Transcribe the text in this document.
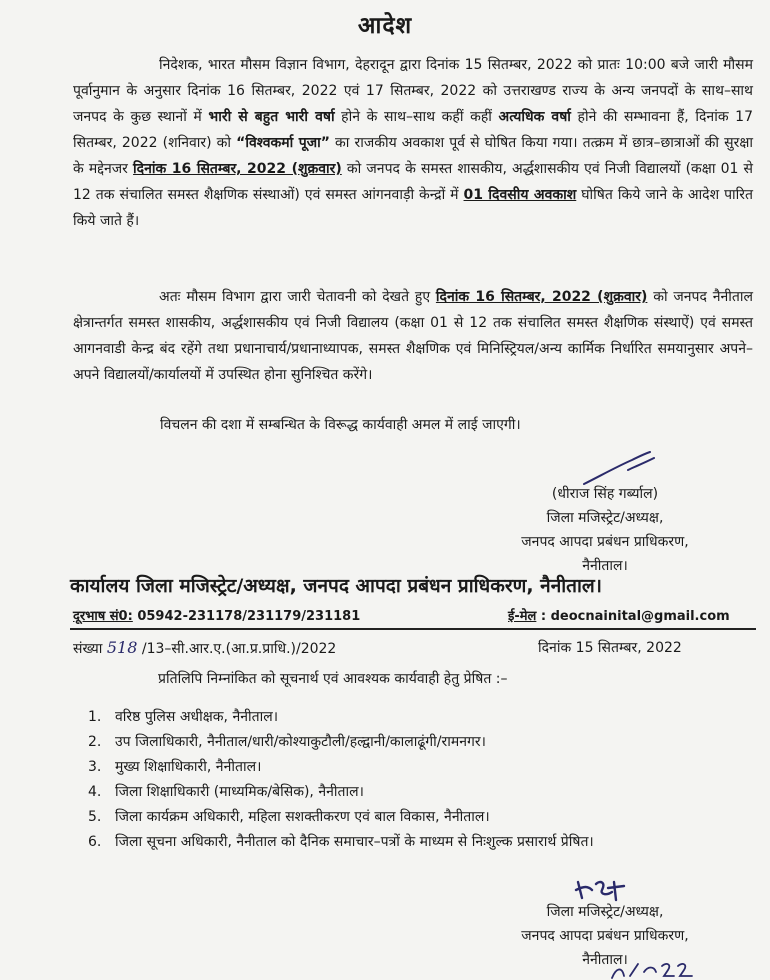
आदेश
निदेशक, भारत मौसम विज्ञान विभाग, देहरादून द्वारा दिनांक 15 सितम्बर, 2022 को प्रातः 10:00 बजे जारी मौसम पूर्वानुमान के अनुसार दिनांक 16 सितम्बर, 2022 एवं 17 सितम्बर, 2022 को उत्तराखण्ड राज्य के अन्य जनपदों के साथ–साथ जनपद के कुछ स्थानों में भारी से बहुत भारी वर्षा होने के साथ–साथ कहीं कहीं अत्यधिक वर्षा होने की सम्भावना हैं, दिनांक 17 सितम्बर, 2022 (शनिवार) को “विश्वकर्मा पूजा” का राजकीय अवकाश पूर्व से घोषित किया गया। तत्क्रम में छात्र–छात्राओं की सुरक्षा के मद्देनजर दिनांक 16 सितम्बर, 2022 (शुक्रवार) को जनपद के समस्त शासकीय, अर्द्धशासकीय एवं निजी विद्यालयों (कक्षा 01 से 12 तक संचालित समस्त शैक्षणिक संस्थाओं) एवं समस्त आंगनवाड़ी केन्द्रों में 01 दिवसीय अवकाश घोषित किये जाने के आदेश पारित किये जाते हैं।
अतः मौसम विभाग द्वारा जारी चेतावनी को देखते हुए दिनांक 16 सितम्बर, 2022 (शुक्रवार) को जनपद नैनीताल क्षेत्रान्तर्गत समस्त शासकीय, अर्द्धशासकीय एवं निजी विद्यालय (कक्षा 01 से 12 तक संचालित समस्त शैक्षणिक संस्थाऐं) एवं समस्त आगनवाडी केन्द्र बंद रहेंगे तथा प्रधानाचार्य/प्रधानाध्यापक, समस्त शैक्षणिक एवं मिनिस्ट्रियल/अन्य कार्मिक निर्धारित समयानुसार अपने–अपने विद्यालयों/कार्यालयों में उपस्थित होना सुनिश्चित करेंगे।
विचलन की दशा में सम्बन्धित के विरूद्ध कार्यवाही अमल में लाई जाएगी।
(धीराज सिंह गर्ब्याल)
जिला मजिस्ट्रेट/अध्यक्ष,
जनपद आपदा प्रबंधन प्राधिकरण,
नैनीताल।
कार्यालय जिला मजिस्ट्रेट/अध्यक्ष, जनपद आपदा प्रबंधन प्राधिकरण, नैनीताल।
दूरभाष सं0: 05942-231178/231179/231181	ई-मेल : deocnainital@gmail.com
संख्या 518 /13–सी.आर.ए.(आ.प्र.प्राधि.)/2022	दिनांक 15 सितम्बर, 2022
प्रतिलिपि निम्नांकित को सूचनार्थ एवं आवश्यक कार्यवाही हेतु प्रेषित :–
1. वरिष्ठ पुलिस अधीक्षक, नैनीताल।
2. उप जिलाधिकारी, नैनीताल/धारी/कोश्याकुटौली/हल्द्वानी/कालाढूंगी/रामनगर।
3. मुख्य शिक्षाधिकारी, नैनीताल।
4. जिला शिक्षाधिकारी (माध्यमिक/बेसिक), नैनीताल।
5. जिला कार्यक्रम अधिकारी, महिला सशक्तीकरण एवं बाल विकास, नैनीताल।
6. जिला सूचना अधिकारी, नैनीताल को दैनिक समाचार–पत्रों के माध्यम से निःशुल्क प्रसारार्थ प्रेषित।
जिला मजिस्ट्रेट/अध्यक्ष,
जनपद आपदा प्रबंधन प्राधिकरण,
नैनीताल।
